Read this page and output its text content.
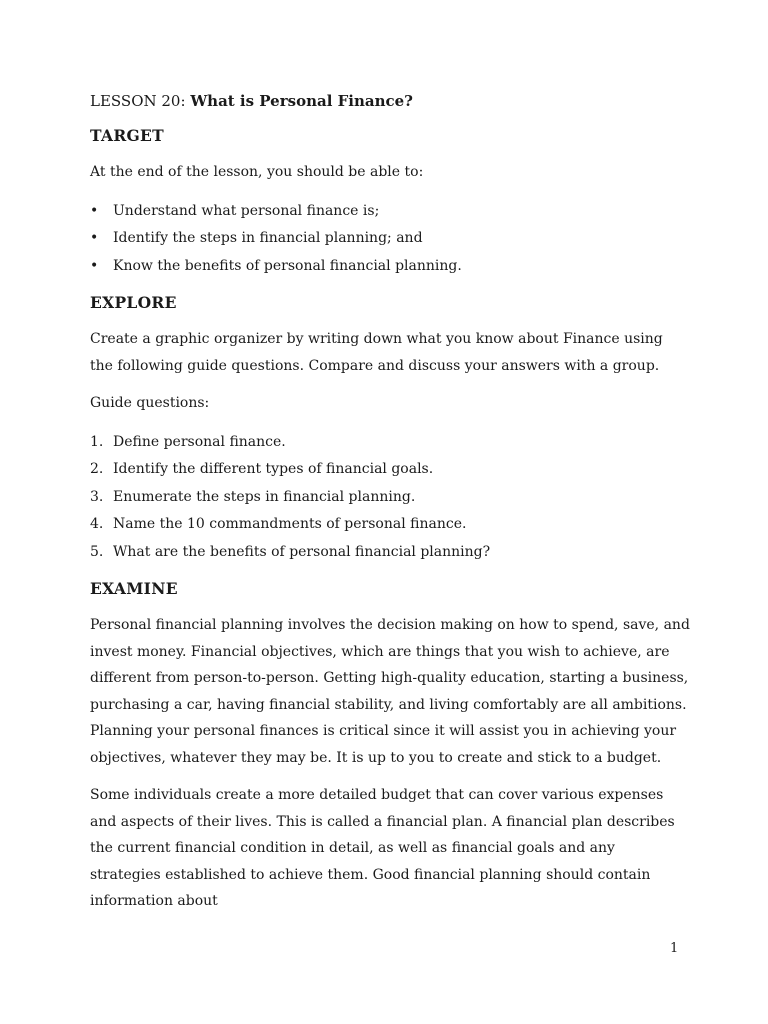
LESSON 20: What is Personal Finance?
TARGET

At the end of the lesson, you should be able to:

• Understand what personal finance is;
• Identify the steps in financial planning; and
• Know the benefits of personal financial planning.
EXPLORE

Create a graphic organizer by writing down what you know about Finance using the following guide questions. Compare and discuss your answers with a group.

Guide questions:

1. Define personal finance.
2. Identify the different types of financial goals.
3. Enumerate the steps in financial planning.
4. Name the 10 commandments of personal finance.
5. What are the benefits of personal financial planning?
EXAMINE

Personal financial planning involves the decision making on how to spend, save, and invest money. Financial objectives, which are things that you wish to achieve, are different from person-to-person. Getting high-quality education, starting a business, purchasing a car, having financial stability, and living comfortably are all ambitions. Planning your personal finances is critical since it will assist you in achieving your objectives, whatever they may be. It is up to you to create and stick to a budget.

Some individuals create a more detailed budget that can cover various expenses and aspects of their lives. This is called a financial plan. A financial plan describes the current financial condition in detail, as well as financial goals and any strategies established to achieve them. Good financial planning should contain information about

1
